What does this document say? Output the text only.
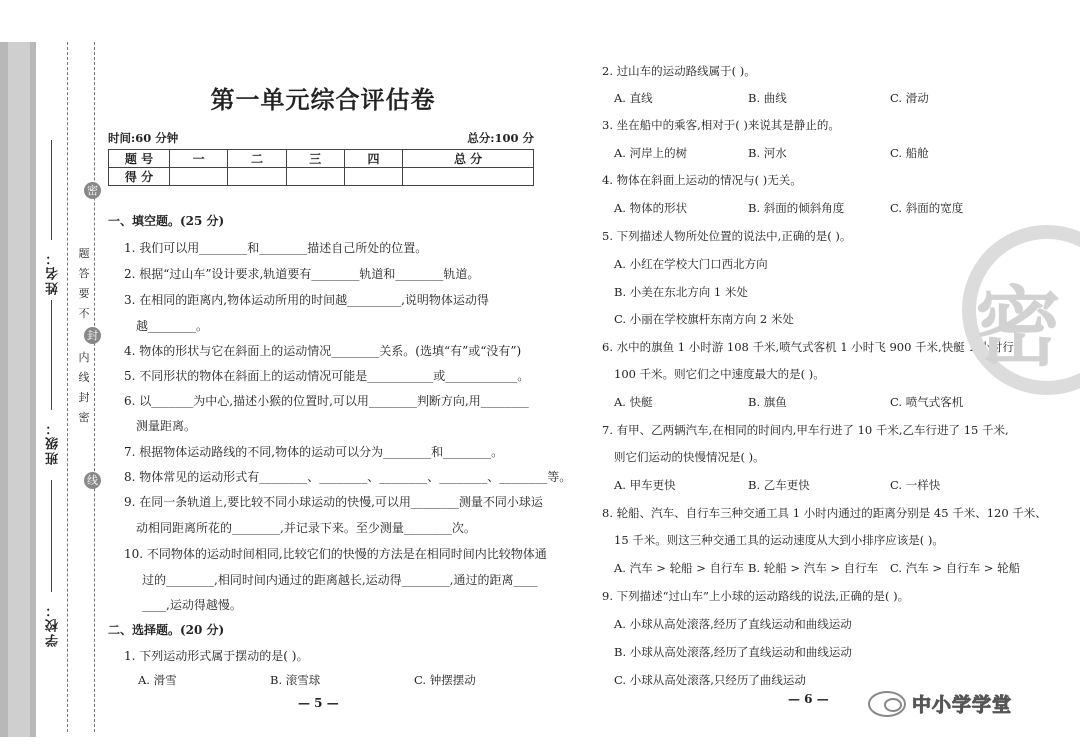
姓名：
班级：
学校：
密
封
线
题
答
要
不
内
线
封
密
第一单元综合评估卷
时间:60 分钟	总分:100 分
题 号	一	二	三	四	总 分
得 分					
一、填空题。(25 分)
1. 我们可以用________和________描述自己所处的位置。
2. 根据“过山车”设计要求,轨道要有________轨道和________轨道。
3. 在相同的距离内,物体运动所用的时间越_________,说明物体运动得
越________。
4. 物体的形状与它在斜面上的运动情况________关系。(选填“有”或“没有”)
5. 不同形状的物体在斜面上的运动情况可能是___________或____________。
6. 以_______为中心,描述小猴的位置时,可以用________判断方向,用________
测量距离。
7. 根据物体运动路线的不同,物体的运动可以分为________和________。
8. 物体常见的运动形式有________、________、________、________、________等。
9. 在同一条轨道上,要比较不同小球运动的快慢,可以用________测量不同小球运
动相同距离所花的________,并记录下来。至少测量________次。
10. 不同物体的运动时间相同,比较它们的快慢的方法是在相同时间内比较物体通
过的________,相同时间内通过的距离越长,运动得________,通过的距离____
____,运动得越慢。
二、选择题。(20 分)
1. 下列运动形式属于摆动的是( )。
A. 滑雪	B. 滚雪球	C. 钟摆摆动
— 5 —
2. 过山车的运动路线属于( )。
A. 直线	B. 曲线	C. 滑动
3. 坐在船中的乘客,相对于( )来说其是静止的。
A. 河岸上的树	B. 河水	C. 船舱
4. 物体在斜面上运动的情况与( )无关。
A. 物体的形状	B. 斜面的倾斜角度	C. 斜面的宽度
5. 下列描述人物所处位置的说法中,正确的是( )。
A. 小红在学校大门口西北方向
B. 小美在东北方向 1 米处
C. 小丽在学校旗杆东南方向 2 米处
6. 水中的旗鱼 1 小时游 108 千米,喷气式客机 1 小时飞 900 千米,快艇 1 小时行
100 千米。则它们之中速度最大的是( )。
A. 快艇	B. 旗鱼	C. 喷气式客机
7. 有甲、乙两辆汽车,在相同的时间内,甲车行进了 10 千米,乙车行进了 15 千米,
则它们运动的快慢情况是( )。
A. 甲车更快	B. 乙车更快	C. 一样快
8. 轮船、汽车、自行车三种交通工具 1 小时内通过的距离分别是 45 千米、120 千米、
15 千米。则这三种交通工具的运动速度从大到小排序应该是( )。
A. 汽车 > 轮船 > 自行车 B. 轮船 > 汽车 > 自行车 C. 汽车 > 自行车 > 轮船
9. 下列描述“过山车”上小球的运动路线的说法,正确的是( )。
A. 小球从高处滚落,经历了直线运动和曲线运动
B. 小球从高处滚落,经历了直线运动和曲线运动
C. 小球从高处滚落,只经历了曲线运动
— 6 —
密
中小学学堂
